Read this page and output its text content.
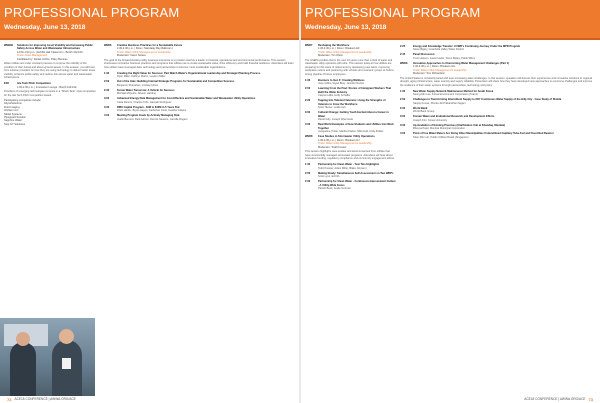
PROFESSIONAL PROGRAM
Wednesday, June 13, 2018
PROFESSIONAL PROGRAM
Wednesday, June 13, 2018
WEB09	Solutions for Improving Asset Visibility and Increasing Public Safety Across Water and Wastewater Infrastructure
12:00-1:30 p.m. | Exhibit Hall Classroom - Booth 4121/19
Track: Asset Management
Facilitated by: Daniel Collins, Pilary Benines
Water utilities are under constant pressure to improve the visibility of the condition of their buried and above-ground assets. In this session, you will hear from solution providers on how they are using technology to deliver better asset visibility, enhance public safety and reduce risk across water and wastewater infrastructure.
EX0	Isle Tech Pitch Competition
1:00-2:30 p.m. | Innovation Lounge - Booth 4121/19
Providers of emerging technologies compete in a "Shark Tank" style competition for the Isle Tech Pitch Competition Award.
Participating companies include:
AbyssSolutions
Fluid Imaging
InfoSen LLC
Nikkel Systems
Pipeguard Solution
Sapphire Water
Stop GT Solutions
WED6	Creative Business Practices for a Sustainable Future
1:30-4:30 p.m. | Room: Mandalay Bay Ballroom I
Track: Water Utility Management & Leadership
Moderator: Karen Stokes
The goal of the forward-thinking utility business enterprise is to position itself as a leader in financial, operational and environmental performance. This session showcases innovative business practices and programs that utilities use to create sustainable value, drive efficiency and build financial resilience. Attendees will learn how utilities have leveraged data, technology and partnerships to become more sustainable organizations.
1:30	Creating the Right Value for Success: Part Watch Water's Organizational Leadership and Strategic Planning Process
Ryan Miller, Kathryn Martin, LeeAnn Miller
2:00	Out of the Gate: Building Internal Strategic Programs for Sustainable and Competitive Success
Benjamin Shanahan, Lindsay Hines
2:30	Turner Water Tomorrow: A Vehicle for Success
Michael McGuire, Allyson Harding
3:00	Advanced Energy Data Management for Cost-Effective and Sustainable Water and Wastewater Utility Operations
Carla Dennis, Charles Tolin, Hannah Rodriguez
3:30	RMU Capital Program - $1M to $10M in 5 Years Flat
Drew Hanlin, Bryan Hayes, Catherine Cook, Heather Adams
4:00	Meeting Program Goals by Actively Managing Risk
Joelle Bennett, Paul Ashton, Dennis Stevens, Camille Rogers
WED7	Reshaping the Workforce
1:30-4:30 p.m. | Room: Breakers EF
Track: Water Utility Management & Leadership
Moderator: Tim Olson
The USEPA predicts that in the next 10 years more than a third of water and wastewater utility operators will retire. This session looks at how utilities are preparing for this wave of retirements by developing new talent, improving workplace culture and partnering with schools and veterans' groups to build a strong pipeline of future employees.
1:30	Boomers to Gen Z: Creating Wellness
Jane Gibbs, Wyatt Bray, Jennifer Norton
2:00	Learning From the Past: Stories of Immigrant Workers That Built the Water Industry
Clayton Hillis, Holly Schaffer
2:30	Tapping Into Talented Veterans: Using the Strengths of Veterans to Grow the Workforce
Scott Tanner, Leslie Ash
3:00	Cultural Change: Getting Youth Excited About a Career in Water
Daniel Lilly, Joseph Wieczorek
3:30	Real World Examples of How Students and Utilities Can Work Together
Jacqueline Tinker, Martha Parker, Mike Hall, Andy Zickler
WED8	Case Studies in Stormwater Utility Operations
1:30-4:30 p.m. | Room: Breakers HJ
Track: Water Utility Management & Leadership
Moderator: Todd Kresser
This session highlights case studies and lessons learned from utilities that have successfully managed stormwater programs. Attendees will hear about innovative funding, regulatory compliance and community engagement efforts.
1:30	Partnership for Clean Water - Year Two Highlights
Todd Kresser, Adam Miller, Blake Johnson
2:00	Making Ready: Simultaneous Self-Assessment on Two WRPs
Scott Lyon, Ed Dib
2:30	Partnership for Clean Water - Continuous Improvement Culture - A Utility-Wide Focus
Patrick Beck, Leslie Gorman
2:25	Energy and Knowledge Transfer: CVWD's Continuing Journey Under the MPR Program
Steve Bigley, Coachella Valley Water District
2:45	Panel Discussion
Trent Hasson, Jason Hazel, Steve Bigley, Pablo Wiley
WED9	Innovative Approaches to Overcoming Water Management Challenges (Part 1)
1:30-4:30 p.m. | Room: Breakers GH
Track: Water Utility Management & Leadership
Moderator: Tom Richardson
The United States is constantly faced with ever-increasing water challenges. In this session, speakers will discuss their experiences and innovative solutions to regional drought, aging infrastructure, water scarcity and supply reliability. Presenters will share how they have developed new approaches to overcome challenges and improve the resilience of their water systems through partnerships, technology and policy.
1:30	New Water Supply Network Maintenance Method for South Korea
Seong-Min Lee, Korea Environment Corporation (K-Eco)
2:00	Challenges in Transforming Intermittent Supply to 24/7 Continuous Water Supply of the Hilly City - Case Study of Shimla
Sanjay Kumar, Shimla Jal Prabandhan Nigam
2:30	World Bank
World Bank Group
3:00	Korean Water and Institutional Research and Development Efforts
Joseph Kim, Korea University
3:30	Up-Gradation of Existing Premises (Clarification Unit at Khandaq, Mumbai)
Bhavna Patel, Mumbai Municipal Corporation
4:00	Point of Use Water Meters Are Doing Other Municipalities Underutilized Capillary Tube-Fed and Flood Bed Reactor
Shan Min Loh, Public Utilities Board (Singapore)
72 ACE18 CONFERENCE | AWWA.ORG/ACE	ACE18 CONFERENCE | AWWA.ORG/ACE 73
